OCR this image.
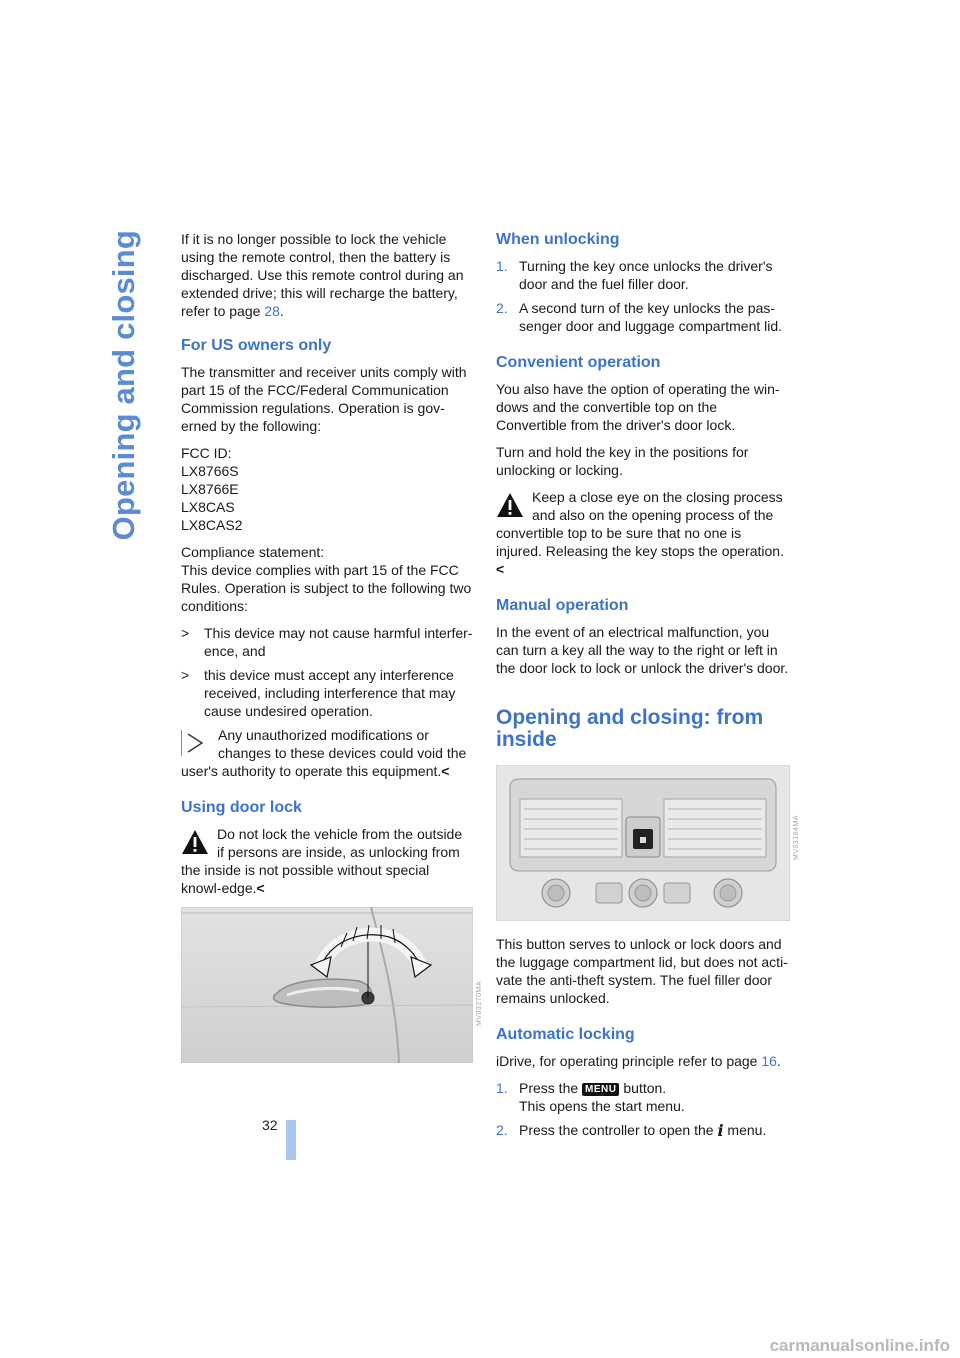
Opening and closing	If it is no longer possible to lock the vehicle using the remote control, then the battery is discharged. Use this remote control during an extended drive; this will recharge the battery, refer to page 28.

For US owners only

The transmitter and receiver units comply with part 15 of the FCC/Federal Communication Commission regulations. Operation is gov-erned by the following:

FCC ID:
LX8766S
LX8766E
LX8CAS
LX8CAS2

Compliance statement:
This device complies with part 15 of the FCC Rules. Operation is subject to the following two conditions:

> This device may not cause harmful interfer-ence, and
> this device must accept any interference received, including interference that may cause undesired operation.
Any unauthorized modifications or changes to these devices could void the user's authority to operate this equipment.<
Using door lock
Do not lock the vehicle from the outside if persons are inside, as unlocking from the inside is not possible without special knowl-edge.<
MV03270MA
When unlocking
1. Turning the key once unlocks the driver's door and the fuel filler door.
2. A second turn of the key unlocks the pas-senger door and luggage compartment lid.
Convenient operation

You also have the option of operating the win-dows and the convertible top on the Convertible from the driver's door lock.

Turn and hold the key in the positions for unlocking or locking.

Keep a close eye on the closing process and also on the opening process of the convertible top to be sure that no one is injured. Releasing the key stops the operation.<
Manual operation

In the event of an electrical malfunction, you can turn a key all the way to the right or left in the door lock to lock or unlock the driver's door.

Opening and closing: from inside
MV03184MA

This button serves to unlock or lock doors and the luggage compartment lid, but does not acti-vate the anti-theft system. The fuel filler door remains unlocked.

Automatic locking

iDrive, for operating principle refer to page 16.

1. Press the MENU button.
This opens the start menu.
2. Press the controller to open the i menu.
32
carmanualsonline.info
